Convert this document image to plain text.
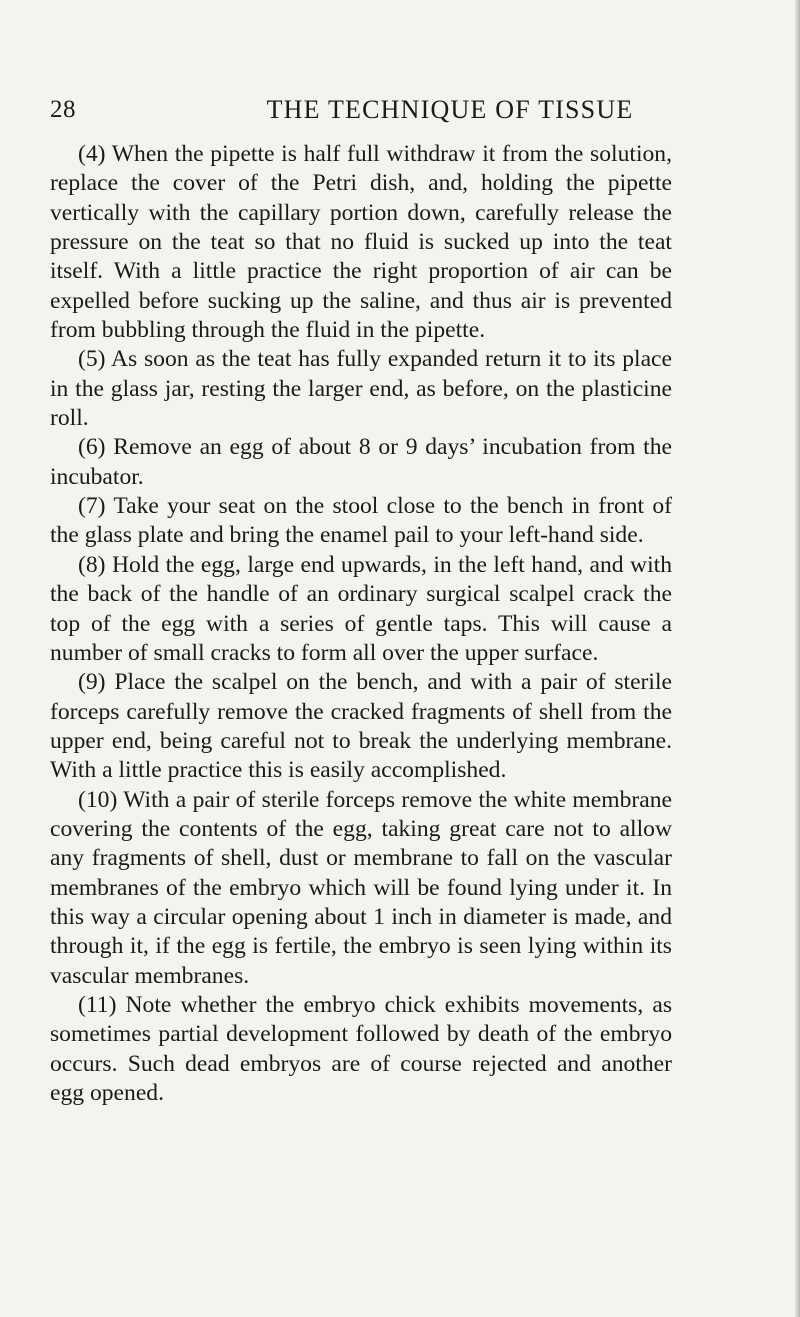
28	THE TECHNIQUE OF TISSUE

(4) When the pipette is half full withdraw it from the solution, replace the cover of the Petri dish, and, holding the pipette vertically with the capillary portion down, carefully release the pressure on the teat so that no fluid is sucked up into the teat itself. With a little practice the right proportion of air can be expelled before sucking up the saline, and thus air is prevented from bubbling through the fluid in the pipette.

(5) As soon as the teat has fully expanded return it to its place in the glass jar, resting the larger end, as before, on the plasticine roll.

(6) Remove an egg of about 8 or 9 days’ incubation from the incubator.

(7) Take your seat on the stool close to the bench in front of the glass plate and bring the enamel pail to your left-hand side.

(8) Hold the egg, large end upwards, in the left hand, and with the back of the handle of an ordinary surgical scalpel crack the top of the egg with a series of gentle taps. This will cause a number of small cracks to form all over the upper surface.

(9) Place the scalpel on the bench, and with a pair of sterile forceps carefully remove the cracked fragments of shell from the upper end, being careful not to break the underlying membrane. With a little practice this is easily accomplished.

(10) With a pair of sterile forceps remove the white membrane covering the contents of the egg, taking great care not to allow any fragments of shell, dust or membrane to fall on the vascular membranes of the embryo which will be found lying under it. In this way a circular opening about 1 inch in diameter is made, and through it, if the egg is fertile, the embryo is seen lying within its vascular membranes.

(11) Note whether the embryo chick exhibits movements, as sometimes partial development followed by death of the embryo occurs. Such dead embryos are of course rejected and another egg opened.
